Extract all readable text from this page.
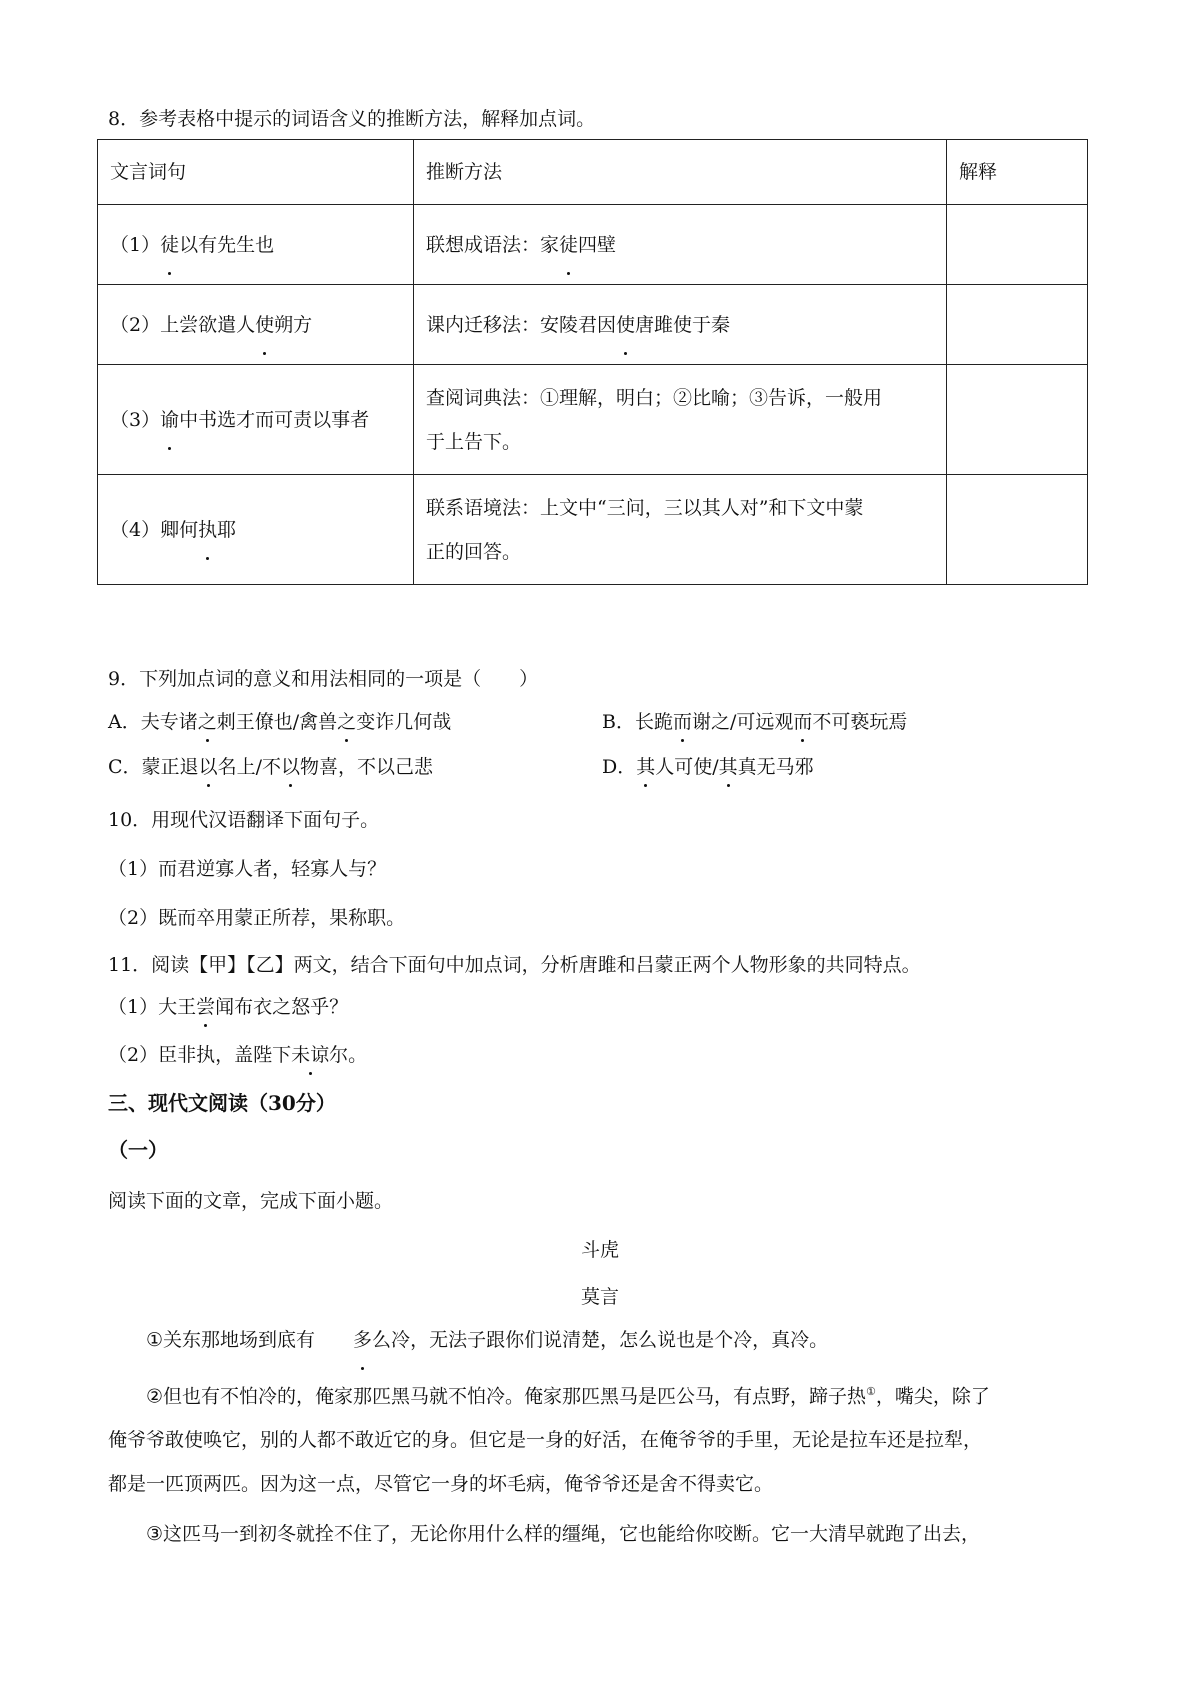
8．参考表格中提示的词语含义的推断方法，解释加点词。
文言词句	推断方法	解释
（1）徒以有先生也	联想成语法：家徒四壁	
（2）上尝欲遣人使朔方	课内迁移法：安陵君因使唐雎使于秦	
（3）谕中书选才而可责以事者	查阅词典法：①理解，明白；②比喻；③告诉，一般用
于上告下。	

（4）卿何执耶	联系语境法：上文中“三问，三以其人对”和下文中蒙
正的回答。	

9．下列加点词的意义和用法相同的一项是（　　）
A．夫专诸之刺王僚也/禽兽之变诈几何哉	B．长跪而谢之/可远观而不可亵玩焉
C．蒙正退以名上/不以物喜，不以己悲	D．其人可使/其真无马邪
10．用现代汉语翻译下面句子。
（1）而君逆寡人者，轻寡人与？
（2）既而卒用蒙正所荐，果称职。
11．阅读【甲】【乙】两文，结合下面句中加点词，分析唐雎和吕蒙正两个人物形象的共同特点。
（1）大王尝闻布衣之怒乎？
（2）臣非执，盖陛下未谅尔。
三、现代文阅读（30分）
（一）
阅读下面的文章，完成下面小题。
斗虎
莫言
①关东那地场到底有 多么冷，无法子跟你们说清楚，怎么说也是个冷，真冷。
②但也有不怕冷的，俺家那匹黑马就不怕冷。俺家那匹黑马是匹公马，有点野，蹄子热①，嘴尖，除了
俺爷爷敢使唤它，别的人都不敢近它的身。但它是一身的好活，在俺爷爷的手里，无论是拉车还是拉犁，
都是一匹顶两匹。因为这一点，尽管它一身的坏毛病，俺爷爷还是舍不得卖它。
③这匹马一到初冬就拴不住了，无论你用什么样的缰绳，它也能给你咬断。它一大清早就跑了出去，
